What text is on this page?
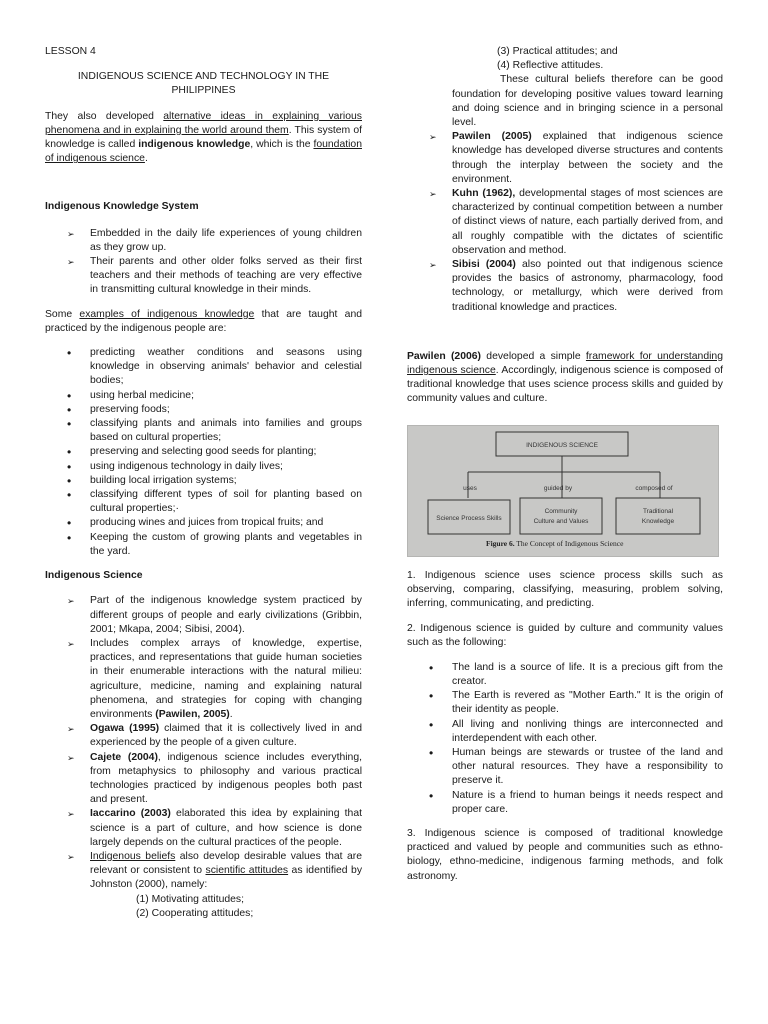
LESSON 4
INDIGENOUS SCIENCE AND TECHNOLOGY IN THE PHILIPPINES

They also developed alternative ideas in explaining various phenomena and in explaining the world around them. This system of knowledge is called indigenous knowledge, which is the foundation of indigenous science.

Indigenous Knowledge System
➢ Embedded in the daily life experiences of young children as they grow up.
➢ Their parents and other older folks served as their first teachers and their methods of teaching are very effective in transmitting cultural knowledge in their minds.

Some examples of indigenous knowledge that are taught and practiced by the indigenous people are:

• predicting weather conditions and seasons using knowledge in observing animals' behavior and celestial bodies;
• using herbal medicine;
• preserving foods;
• classifying plants and animals into families and groups based on cultural properties;
• preserving and selecting good seeds for planting;
• using indigenous technology in daily lives;
• building local irrigation systems;
• classifying different types of soil for planting based on cultural properties;·
• producing wines and juices from tropical fruits; and
• Keeping the custom of growing plants and vegetables in the yard.
Indigenous Science
➢ Part of the indigenous knowledge system practiced by different groups of people and early civilizations (Gribbin, 2001; Mkapa, 2004; Sibisi, 2004).
➢ Includes complex arrays of knowledge, expertise, practices, and representations that guide human societies in their enumerable interactions with the natural milieu: agriculture, medicine, naming and explaining natural phenomena, and strategies for coping with changing environments (Pawilen, 2005).
➢ Ogawa (1995) claimed that it is collectively lived in and experienced by the people of a given culture.
➢ Cajete (2004), indigenous science includes everything, from metaphysics to philosophy and various practical technologies practiced by indigenous peoples both past and present.
➢ Iaccarino (2003) elaborated this idea by explaining that science is a part of culture, and how science is done largely depends on the cultural practices of the people.
➢ Indigenous beliefs also develop desirable values that are relevant or consistent to scientific attitudes as identified by Johnston (2000), namely:
(1) Motivating attitudes;
(2) Cooperating attitudes;
(3) Practical attitudes; and
(4) Reflective attitudes.

These cultural beliefs therefore can be good foundation for developing positive values toward learning and doing science and in bringing science in a personal level.

➢ Pawilen (2005) explained that indigenous science knowledge has developed diverse structures and contents through the interplay between the society and the environment.
➢ Kuhn (1962), developmental stages of most sciences are characterized by continual competition between a number of distinct views of nature, each partially derived from, and all roughly compatible with the dictates of scientific observation and method.
➢ Sibisi (2004) also pointed out that indigenous science provides the basics of astronomy, pharmacology, food technology, or metallurgy, which were derived from traditional knowledge and practices.

Pawilen (2006) developed a simple framework for understanding indigenous science. Accordingly, indigenous science is composed of traditional knowledge that uses science process skills and guided by community values and culture.

INDIGENOUS SCIENCE
uses	guided by	composed of
Science Process Skills
Community
Culture and Values
Traditional
Knowledge
Figure 6. The Concept of Indigenous Science

1. Indigenous science uses science process skills such as observing, comparing, classifying, measuring, problem solving, inferring, communicating, and predicting.

2. Indigenous science is guided by culture and community values such as the following:

• The land is a source of life. It is a precious gift from the creator.
• The Earth is revered as "Mother Earth." It is the origin of their identity as people.
• All living and nonliving things are interconnected and interdependent with each other.
• Human beings are stewards or trustee of the land and other natural resources. They have a responsibility to preserve it.
• Nature is a friend to human beings it needs respect and proper care.

3. Indigenous science is composed of traditional knowledge practiced and valued by people and communities such as ethno-biology, ethno-medicine, indigenous farming methods, and folk astronomy.
